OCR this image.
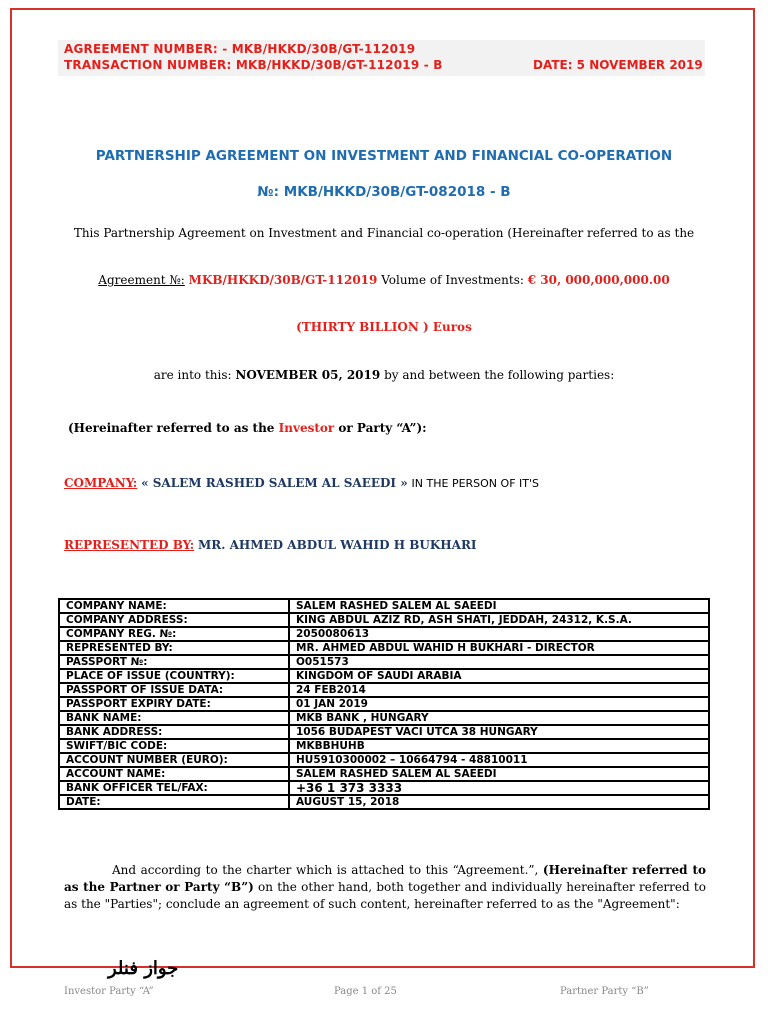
AGREEMENT NUMBER: - MKB/HKKD/30B/GT-112019
TRANSACTION NUMBER: MKB/HKKD/30B/GT-112019 - B	DATE: 5 NOVEMBER 2019
PARTNERSHIP AGREEMENT ON INVESTMENT AND FINANCIAL CO-OPERATION
№: MKB/HKKD/30B/GT-082018 - B
This Partnership Agreement on Investment and Financial co-operation (Hereinafter referred to as the
Agreement №: MKB/HKKD/30B/GT-112019 Volume of Investments: € 30, 000,000,000.00
(THIRTY BILLION ) Euros
are into this: NOVEMBER 05, 2019 by and between the following parties:
(Hereinafter referred to as the Investor or Party “A”):
COMPANY: « SALEM RASHED SALEM AL SAEEDI » IN THE PERSON OF IT'S
REPRESENTED BY: MR. AHMED ABDUL WAHID H BUKHARI
COMPANY NAME:	SALEM RASHED SALEM AL SAEEDI
COMPANY ADDRESS:	KING ABDUL AZIZ RD, ASH SHATI, JEDDAH, 24312, K.S.A.
COMPANY REG. №:	2050080613
REPRESENTED BY:	MR. AHMED ABDUL WAHID H BUKHARI - DIRECTOR
PASSPORT №:	O051573
PLACE OF ISSUE (COUNTRY):	KINGDOM OF SAUDI ARABIA
PASSPORT OF ISSUE DATA:	24 FEB2014
PASSPORT EXPIRY DATE:	01 JAN 2019
BANK NAME:	MKB BANK , HUNGARY
BANK ADDRESS:	1056 BUDAPEST VACI UTCA 38 HUNGARY
SWIFT/BIC CODE:	MKBBHUHB
ACCOUNT NUMBER (EURO):	HU5910300002 – 10664794 - 48810011
ACCOUNT NAME:	SALEM RASHED SALEM AL SAEEDI
BANK OFFICER TEL/FAX:	+36 1 373 3333
DATE:	AUGUST 15, 2018
And according to the charter which is attached to this “Agreement.”, (Hereinafter referred to as the Partner or Party “B”) on the other hand, both together and individually hereinafter referred to as the "Parties"; conclude an agreement of such content, hereinafter referred to as the "Agreement":
جواز فنلر
Investor Party “A”	Page 1 of 25	Partner Party “B”
